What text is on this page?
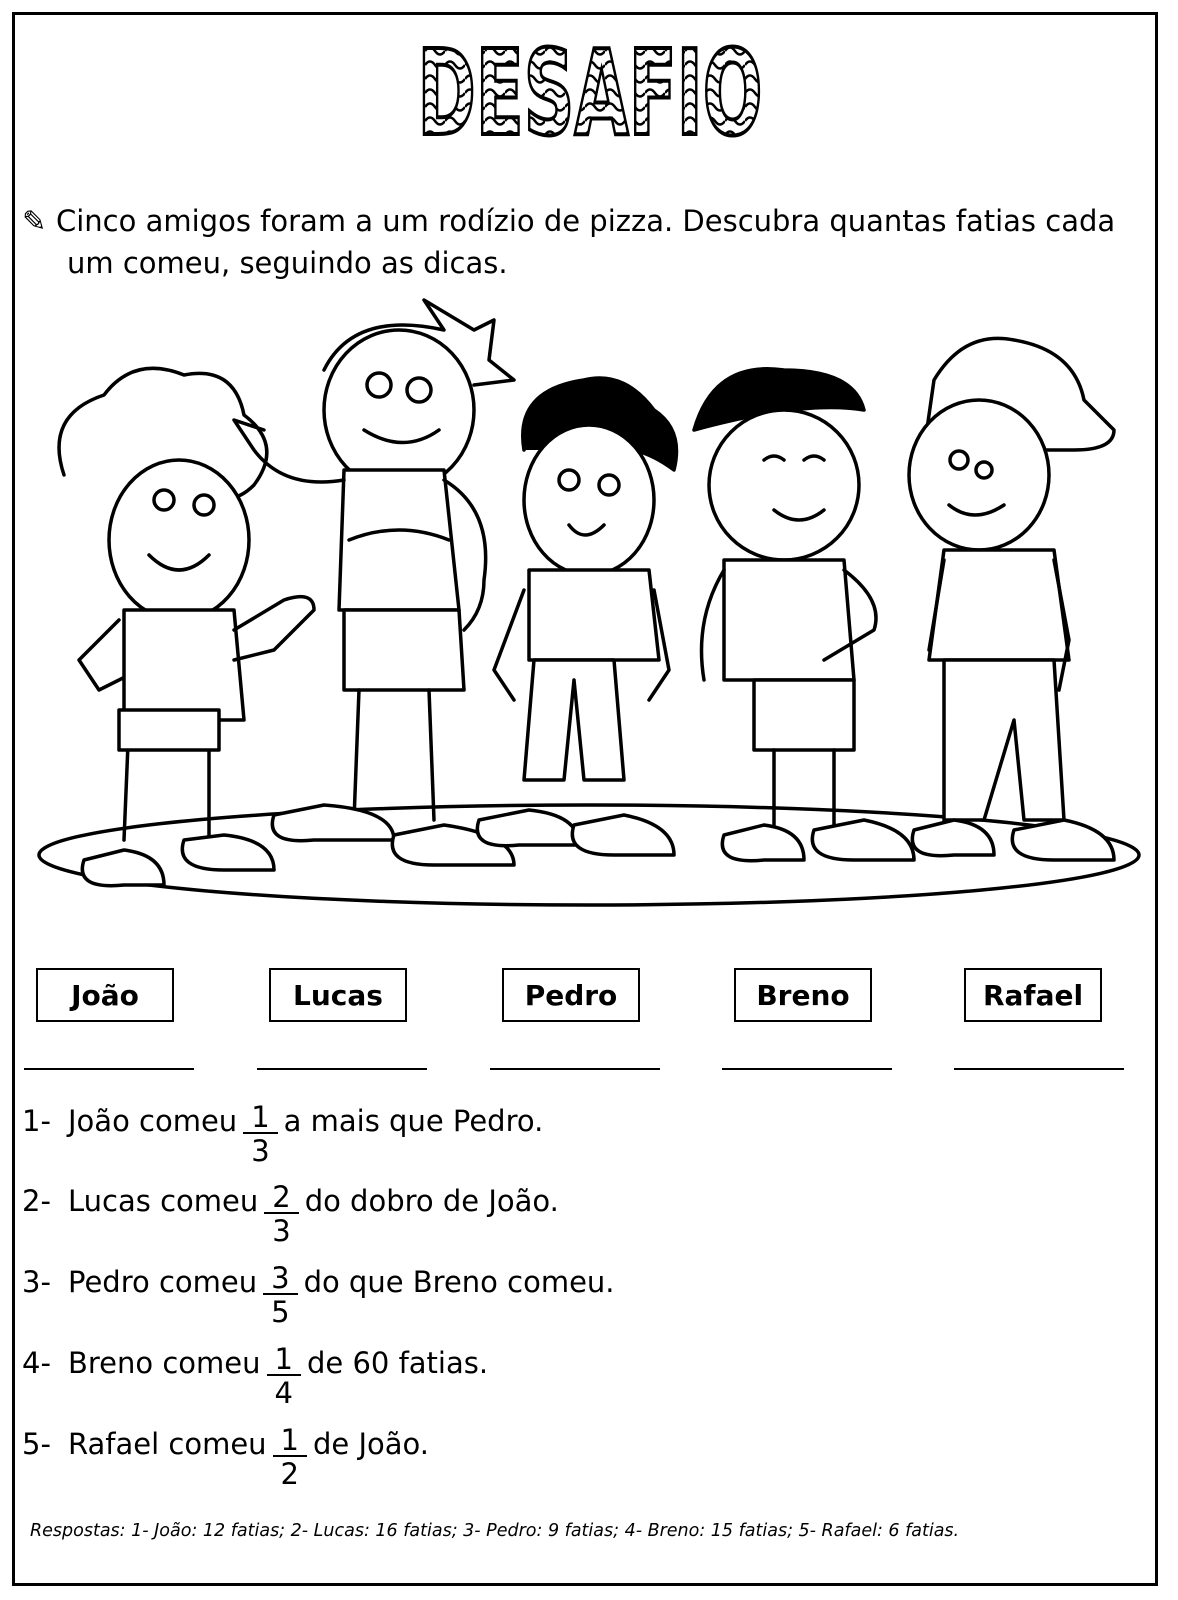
DESAFIO
✎ Cinco amigos foram a um rodízio de pizza. Descubra quantas fatias cada
um comeu, seguindo as dicas.
João	Lucas	Pedro	Breno	Rafael
1- João comeu $\frac{1}{3}$ a mais que Pedro.
2- Lucas comeu $\frac{2}{3}$ do dobro de João.
3- Pedro comeu $\frac{3}{5}$ do que Breno comeu.
4- Breno comeu $\frac{1}{4}$ de 60 fatias.
5- Rafael comeu $\frac{1}{2}$ de João.
Respostas: 1- João: 12 fatias; 2- Lucas: 16 fatias; 3- Pedro: 9 fatias; 4- Breno: 15 fatias; 5- Rafael: 6 fatias.
